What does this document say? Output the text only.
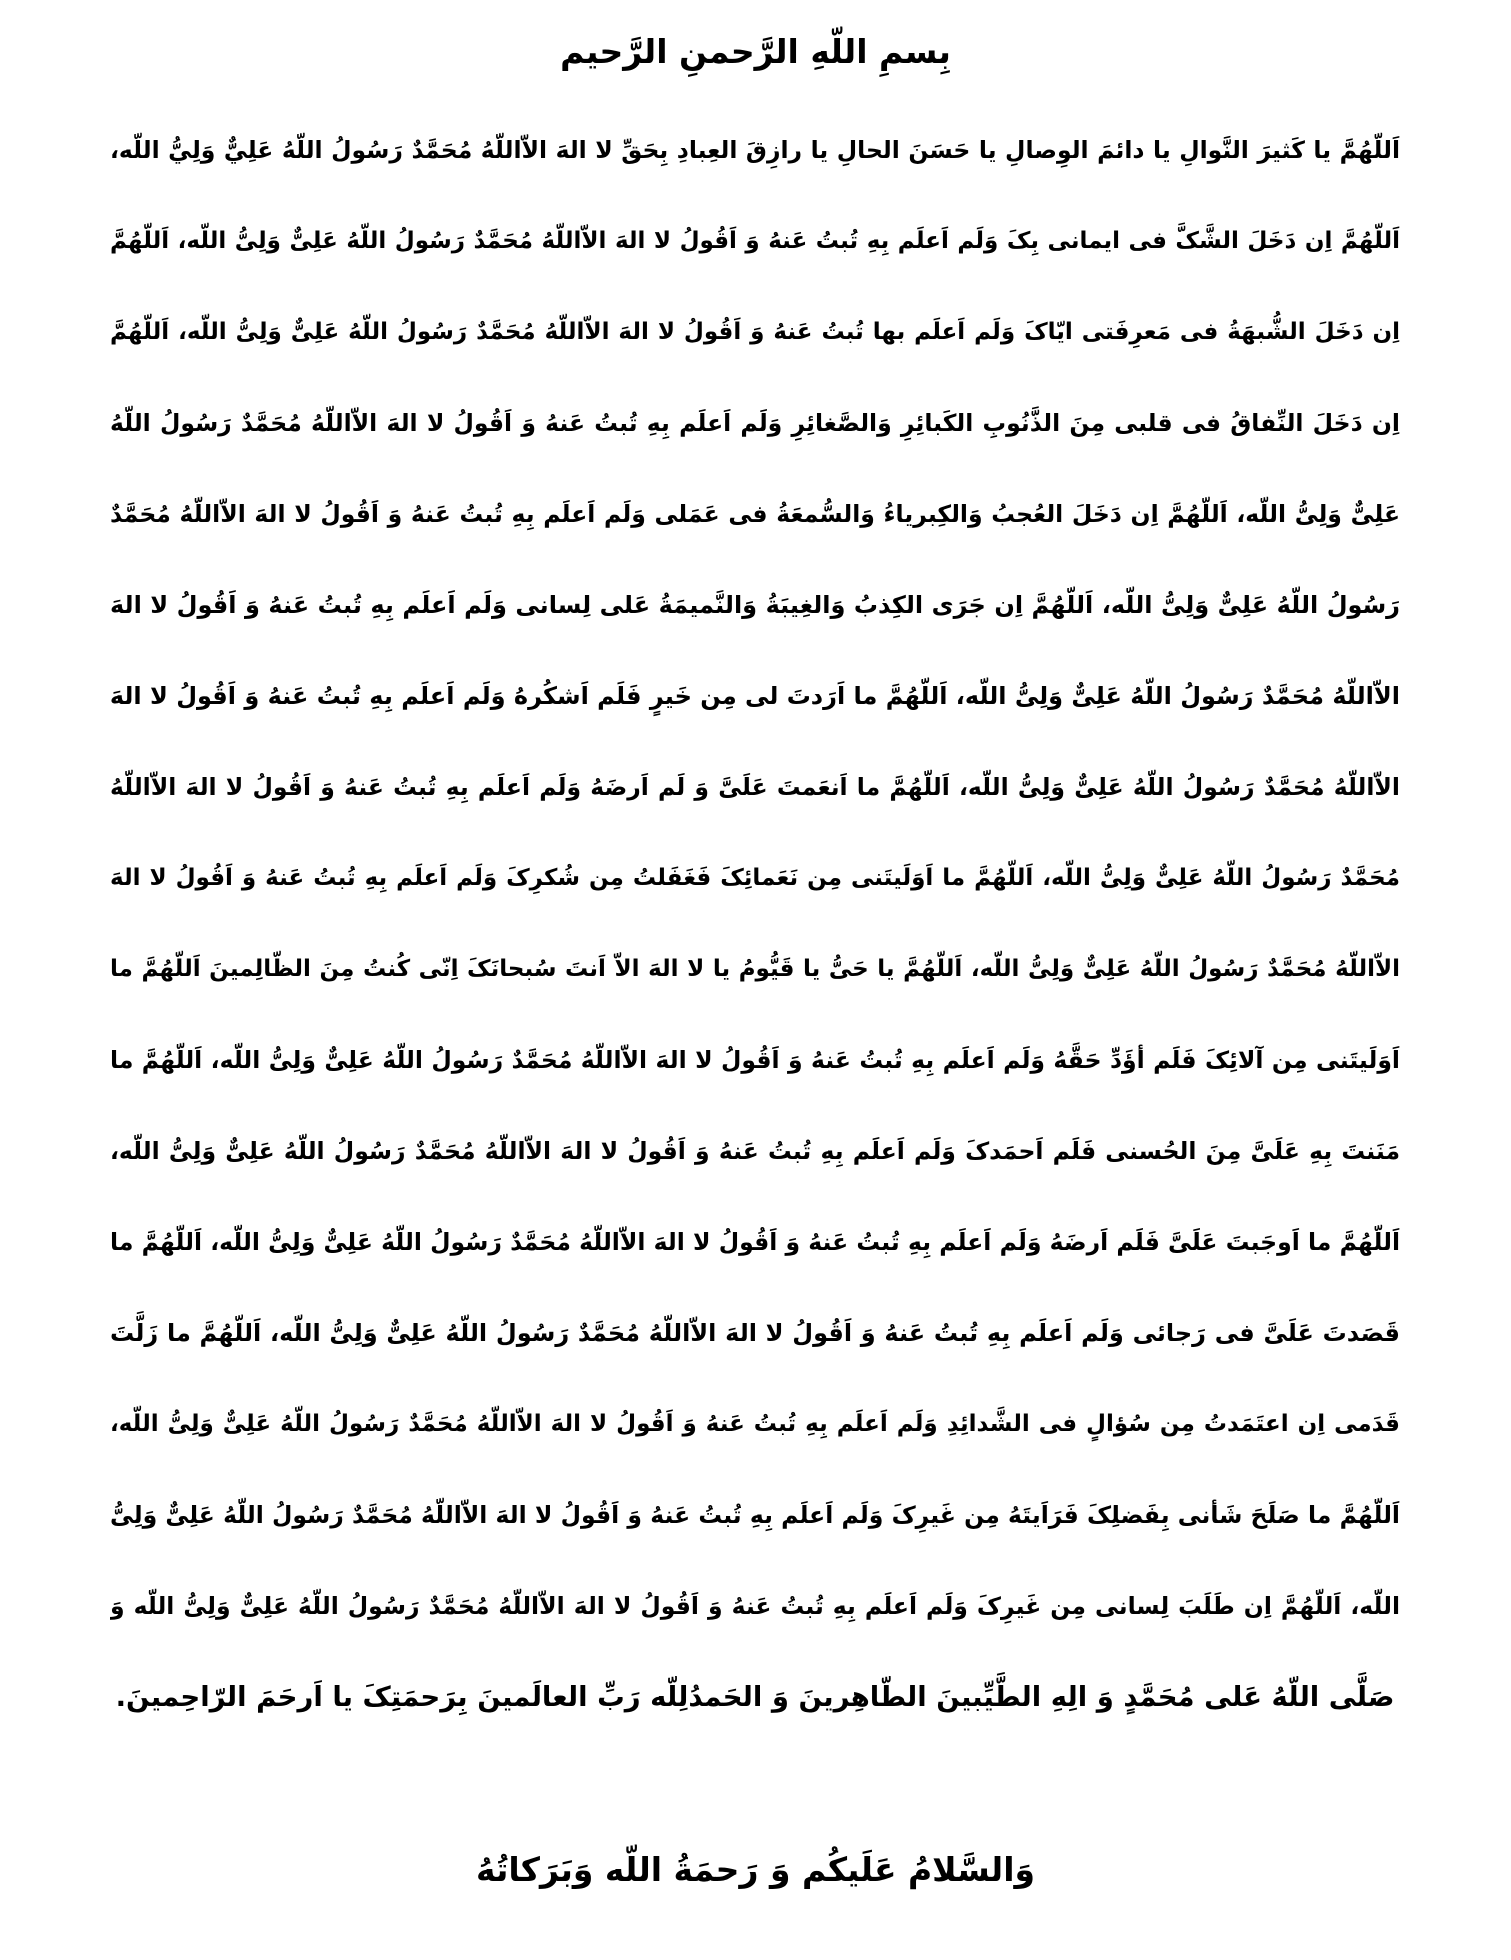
بِسمِ اللّهِ الرَّحمنِ الرَّحيم
اَللّهُمَّ يا كَثيرَ النَّوالِ يا دائمَ الوِصالِ يا حَسَنَ الحالِ يا رازِقَ العِبادِ بِحَقِّ لا الهَ الاّاللّهُ مُحَمَّدٌ رَسُولُ اللّهُ عَلِيٌّ وَلِيُّ اللّه،
اَللّهُمَّ اِن دَخَلَ الشَّکَّ فی ایمانی بِکَ وَلَم اَعلَم بِهِ تُبتُ عَنهُ وَ اَقُولُ لا الهَ الاّاللّهُ مُحَمَّدٌ رَسُولُ اللّهُ عَلِیٌّ وَلِیُّ اللّه، اَللّهُمَّ
اِن دَخَلَ الشُّبهَةُ فی مَعرِفَتی ایّاکَ وَلَم اَعلَم بها تُبتُ عَنهُ وَ اَقُولُ لا الهَ الاّاللّهُ مُحَمَّدٌ رَسُولُ اللّهُ عَلِیٌّ وَلِیُّ اللّه، اَللّهُمَّ
اِن دَخَلَ النِّفاقُ فی قلبی مِنَ الذَّنُوبِ الکَبائِرِ وَالصَّغائِرِ وَلَم اَعلَم بِهِ تُبتُ عَنهُ وَ اَقُولُ لا الهَ الاّاللّهُ مُحَمَّدٌ رَسُولُ اللّهُ
عَلِیٌّ وَلِیُّ اللّه، اَللّهُمَّ اِن دَخَلَ العُجبُ وَالکِبریاءُ وَالسُّمعَةُ فی عَمَلی وَلَم اَعلَم بِهِ تُبتُ عَنهُ وَ اَقُولُ لا الهَ الاّاللّهُ مُحَمَّدٌ
رَسُولُ اللّهُ عَلِیٌّ وَلِیُّ اللّه، اَللّهُمَّ اِن جَرَی الکِذبُ وَالغِیبَةُ وَالنَّمیمَةُ عَلی لِسانی وَلَم اَعلَم بِهِ تُبتُ عَنهُ وَ اَقُولُ لا الهَ
الاّاللّهُ مُحَمَّدٌ رَسُولُ اللّهُ عَلِیٌّ وَلِیُّ اللّه، اَللّهُمَّ ما اَرَدتَ لی مِن خَیرٍ فَلَم اَشکُرهُ وَلَم اَعلَم بِهِ تُبتُ عَنهُ وَ اَقُولُ لا الهَ
الاّاللّهُ مُحَمَّدٌ رَسُولُ اللّهُ عَلِیٌّ وَلِیُّ اللّه، اَللّهُمَّ ما اَنعَمتَ عَلَیَّ وَ لَم اَرضَهُ وَلَم اَعلَم بِهِ تُبتُ عَنهُ وَ اَقُولُ لا الهَ الاّاللّهُ
مُحَمَّدٌ رَسُولُ اللّهُ عَلِیٌّ وَلِیُّ اللّه، اَللّهُمَّ ما اَوَلَیتَنی مِن نَعَمائِکَ فَغَفَلتُ مِن شُکرِکَ وَلَم اَعلَم بِهِ تُبتُ عَنهُ وَ اَقُولُ لا الهَ
الاّاللّهُ مُحَمَّدٌ رَسُولُ اللّهُ عَلِیٌّ وَلِیُّ اللّه، اَللّهُمَّ یا حَیُّ یا قَیُّومُ یا لا الهَ الاّ اَنتَ سُبحانَکَ اِنّی کُنتُ مِنَ الظّالِمینَ اَللّهُمَّ ما
اَوَلَیتَنی مِن آلائِکَ فَلَم أؤَدِّ حَقَّهُ وَلَم اَعلَم بِهِ تُبتُ عَنهُ وَ اَقُولُ لا الهَ الاّاللّهُ مُحَمَّدٌ رَسُولُ اللّهُ عَلِیٌّ وَلِیُّ اللّه، اَللّهُمَّ ما
مَنَنتَ بِهِ عَلَیَّ مِنَ الحُسنی فَلَم اَحمَدکَ وَلَم اَعلَم بِهِ تُبتُ عَنهُ وَ اَقُولُ لا الهَ الاّاللّهُ مُحَمَّدٌ رَسُولُ اللّهُ عَلِیٌّ وَلِیُّ اللّه،
اَللّهُمَّ ما اَوجَبتَ عَلَیَّ فَلَم اَرضَهُ وَلَم اَعلَم بِهِ تُبتُ عَنهُ وَ اَقُولُ لا الهَ الاّاللّهُ مُحَمَّدٌ رَسُولُ اللّهُ عَلِیٌّ وَلِیُّ اللّه، اَللّهُمَّ ما
قَصَدتَ عَلَیَّ فی رَجائی وَلَم اَعلَم بِهِ تُبتُ عَنهُ وَ اَقُولُ لا الهَ الاّاللّهُ مُحَمَّدٌ رَسُولُ اللّهُ عَلِیٌّ وَلِیُّ اللّه، اَللّهُمَّ ما زَلَّتَ
قَدَمی اِن اعتَمَدتُ مِن سُؤالٍ فی الشَّدائِدِ وَلَم اَعلَم بِهِ تُبتُ عَنهُ وَ اَقُولُ لا الهَ الاّاللّهُ مُحَمَّدٌ رَسُولُ اللّهُ عَلِیٌّ وَلِیُّ اللّه،
اَللّهُمَّ ما صَلَحَ شَأنی بِفَضلِکَ فَرَاَیتَهُ مِن غَیرِکَ وَلَم اَعلَم بِهِ تُبتُ عَنهُ وَ اَقُولُ لا الهَ الاّاللّهُ مُحَمَّدٌ رَسُولُ اللّهُ عَلِیٌّ وَلِیُّ
اللّه، اَللّهُمَّ اِن طَلَبَ لِسانی مِن غَیرِکَ وَلَم اَعلَم بِهِ تُبتُ عَنهُ وَ اَقُولُ لا الهَ الاّاللّهُ مُحَمَّدٌ رَسُولُ اللّهُ عَلِیٌّ وَلِیُّ اللّه وَ
صَلَّی اللّهُ عَلی مُحَمَّدٍ وَ الِهِ الطَّیِّبینَ الطّاهِرینَ وَ الحَمدُلِلّه رَبِّ العالَمینَ بِرَحمَتِکَ یا اَرحَمَ الرّاحِمینَ.
وَالسَّلامُ عَلَیکُم وَ رَحمَةُ اللّه وَبَرَکاتُهُ
